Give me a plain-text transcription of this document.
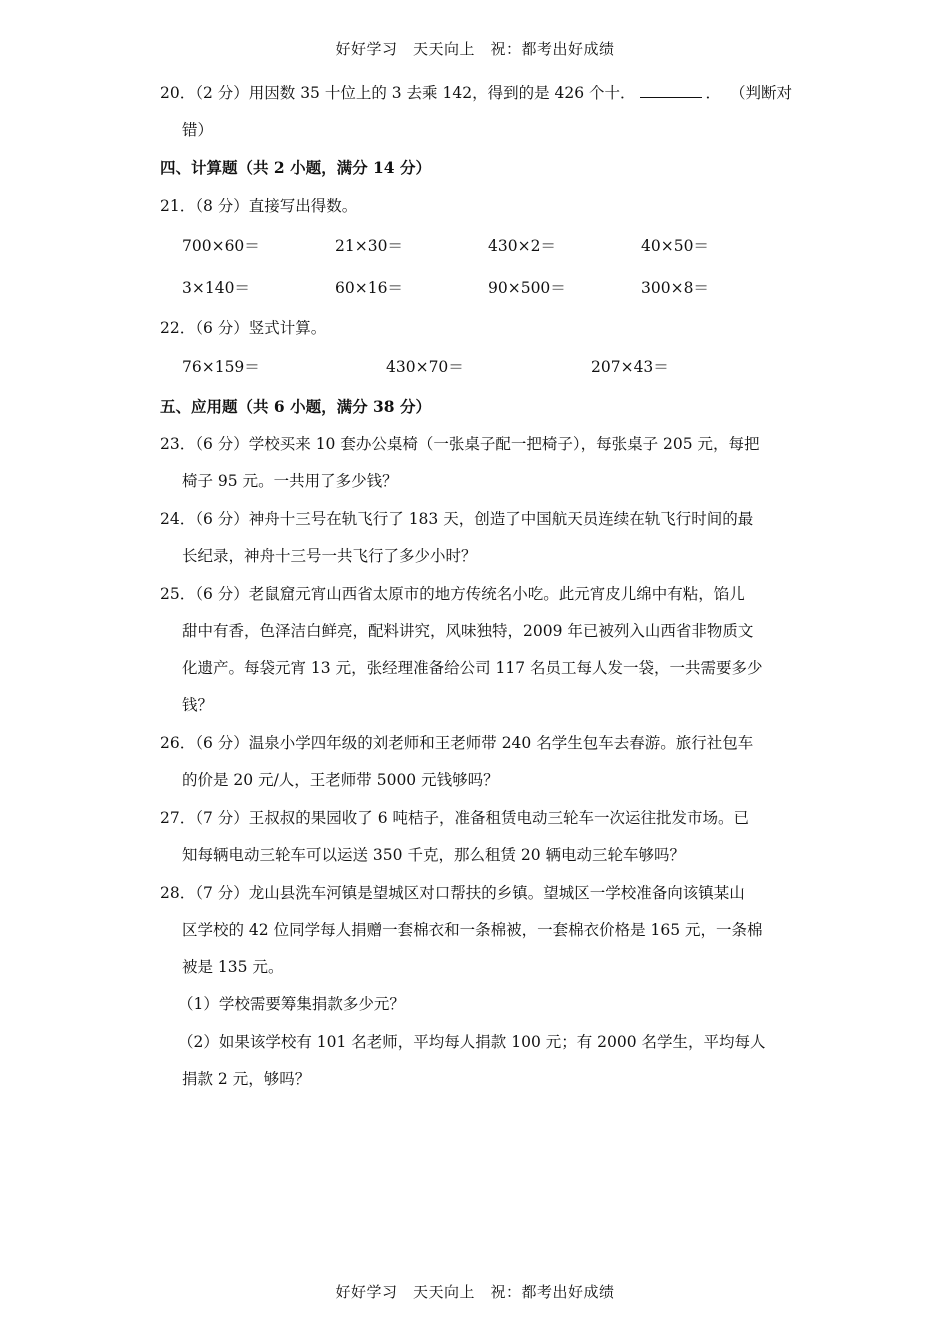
好好学习　天天向上　祝：都考出好成绩
20．（2 分）用因数 35 十位上的 3 去乘 142，得到的是 426 个十．	． （判断对
错）
四、计算题（共 2 小题，满分 14 分）
21．（8 分）直接写出得数。
700×60＝	21×30＝	430×2＝	40×50＝
3×140＝	60×16＝	90×500＝	300×8＝
22．（6 分）竖式计算。
76×159＝	430×70＝	207×43＝
五、应用题（共 6 小题，满分 38 分）
23．（6 分）学校买来 10 套办公桌椅（一张桌子配一把椅子），每张桌子 205 元，每把
椅子 95 元。一共用了多少钱？
24．（6 分）神舟十三号在轨飞行了 183 天，创造了中国航天员连续在轨飞行时间的最
长纪录，神舟十三号一共飞行了多少小时？
25．（6 分）老鼠窟元宵山西省太原市的地方传统名小吃。此元宵皮儿绵中有粘，馅儿
甜中有香，色泽洁白鲜亮，配料讲究，风味独特，2009 年已被列入山西省非物质文
化遗产。每袋元宵 13 元，张经理准备给公司 117 名员工每人发一袋，一共需要多少
钱？
26．（6 分）温泉小学四年级的刘老师和王老师带 240 名学生包车去春游。旅行社包车
的价是 20 元/人，王老师带 5000 元钱够吗？
27．（7 分）王叔叔的果园收了 6 吨桔子，准备租赁电动三轮车一次运往批发市场。已
知每辆电动三轮车可以运送 350 千克，那么租赁 20 辆电动三轮车够吗？
28．（7 分）龙山县洗车河镇是望城区对口帮扶的乡镇。望城区一学校准备向该镇某山
区学校的 42 位同学每人捐赠一套棉衣和一条棉被，一套棉衣价格是 165 元，一条棉
被是 135 元。
（1）学校需要筹集捐款多少元？
（2）如果该学校有 101 名老师，平均每人捐款 100 元；有 2000 名学生，平均每人
捐款 2 元，够吗？
好好学习　天天向上　祝：都考出好成绩
